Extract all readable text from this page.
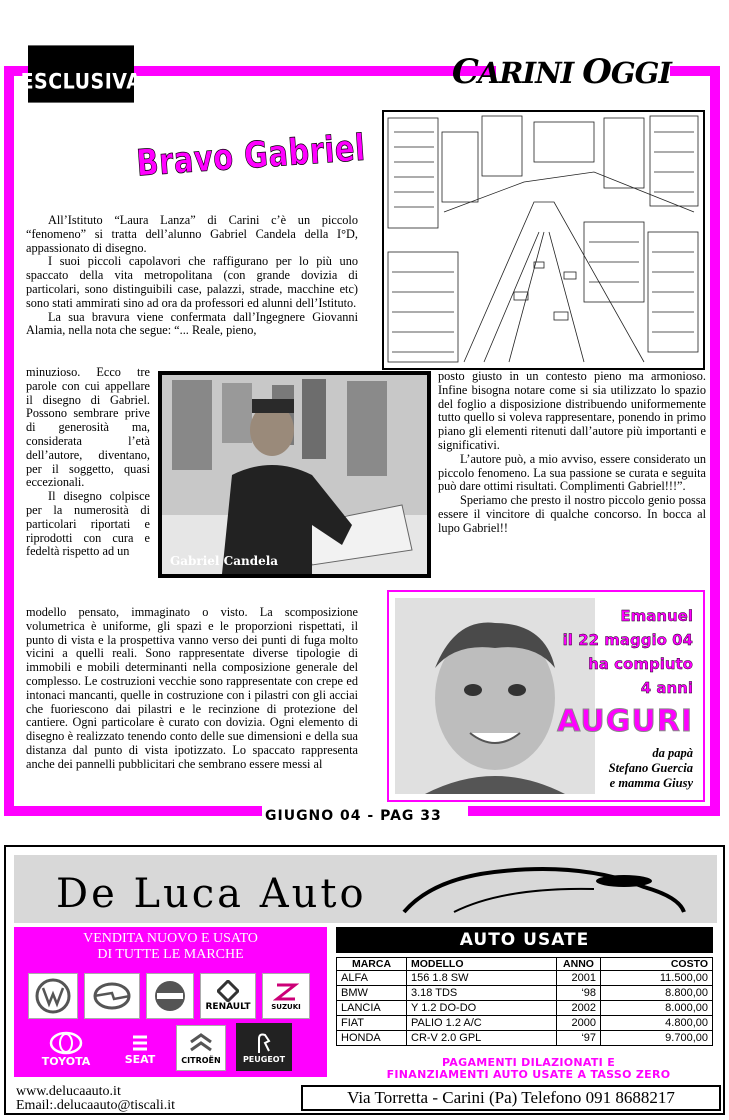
ESCLUSIVA	CARINI OGGI
Bravo Gabriel

All’Istituto “Laura Lanza” di Carini c’è un piccolo “fenomeno” si tratta dell’alunno Gabriel Candela della I°D, appassionato di disegno.

I suoi piccoli capolavori che raffigurano per lo più uno spaccato della vita metropolitana (con grande dovizia di particolari, sono distinguibili case, palazzi, strade, macchine etc) sono stati ammirati sino ad ora da professori ed alunni dell’Istituto.

La sua bravura viene confermata dall’Ingegnere Giovanni Alamia, nella nota che segue: “... Reale, pieno,

minuzioso. Ecco tre parole con cui appellare il disegno di Gabriel. Possono sembrare prive di generosità ma, considerata l’età dell’autore, diventano, per il soggetto, quasi eccezionali.

Il disegno colpisce per la numerosità di particolari riportati e riprodotti con cura e fedeltà rispetto ad un

Gabriel Candela

modello pensato, immaginato o visto. La scomposizione volumetrica è uniforme, gli spazi e le proporzioni rispettati, il punto di vista e la prospettiva vanno verso dei punti di fuga molto vicini a quelli reali. Sono rappresentate diverse tipologie di immobili e mobili determinanti nella composizione generale del complesso. Le costruzioni vecchie sono rappresentate con crepe ed intonaci mancanti, quelle in costruzione con i pilastri con gli acciai che fuoriescono dai pilastri e le recinzione di protezione del cantiere. Ogni particolare è curato con dovizia. Ogni elemento di disegno è realizzato tenendo conto delle sue dimensioni e della sua distanza dal punto di vista ipotizzato. Lo spaccato rappresenta anche dei pannelli pubblicitari che sembrano essere messi al

posto giusto in un contesto pieno ma armonioso. Infine bisogna notare come si sia utilizzato lo spazio del foglio a disposizione distribuendo uniformemente tutto quello si voleva rappresentare, ponendo in primo piano gli elementi ritenuti dall’autore più importanti e significativi.

L’autore può, a mio avviso, essere considerato un piccolo fenomeno. La sua passione se curata e seguita può dare ottimi risultati. Complimenti Gabriel!!!”.

Speriamo che presto il nostro piccolo genio possa essere il vincitore di qualche concorso. In bocca al lupo Gabriel!!

Emanuel
il 22 maggio 04
ha compiuto
4 anni
AUGURI
da papà
Stefano Guercia
e mamma Giusy
GIUGNO 04 - PAG 33
De Luca Auto
VENDITA NUOVO E USATO
DI TUTTE LE MARCHE
RENAULT	SUZUKI
TOYOTA	SEAT	CITROËN	PEUGEOT
AUTO USATE
MARCA	MODELLO	ANNO	COSTO
ALFA	156 1.8 SW	2001	11.500,00
BMW	3.18 TDS	‘98	8.800,00
LANCIA	Y 1.2 DO-DO	2002	8.000,00
FIAT	PALIO 1.2 A/C	2000	4.800,00
HONDA	CR-V 2.0 GPL	‘97	9.700,00
PAGAMENTI DILAZIONATI E
FINANZIAMENTI AUTO USATE A TASSO ZERO
www.delucaauto.it
Email:.delucaauto@tiscali.it	Via Torretta - Carini (Pa) Telefono 091 8688217
